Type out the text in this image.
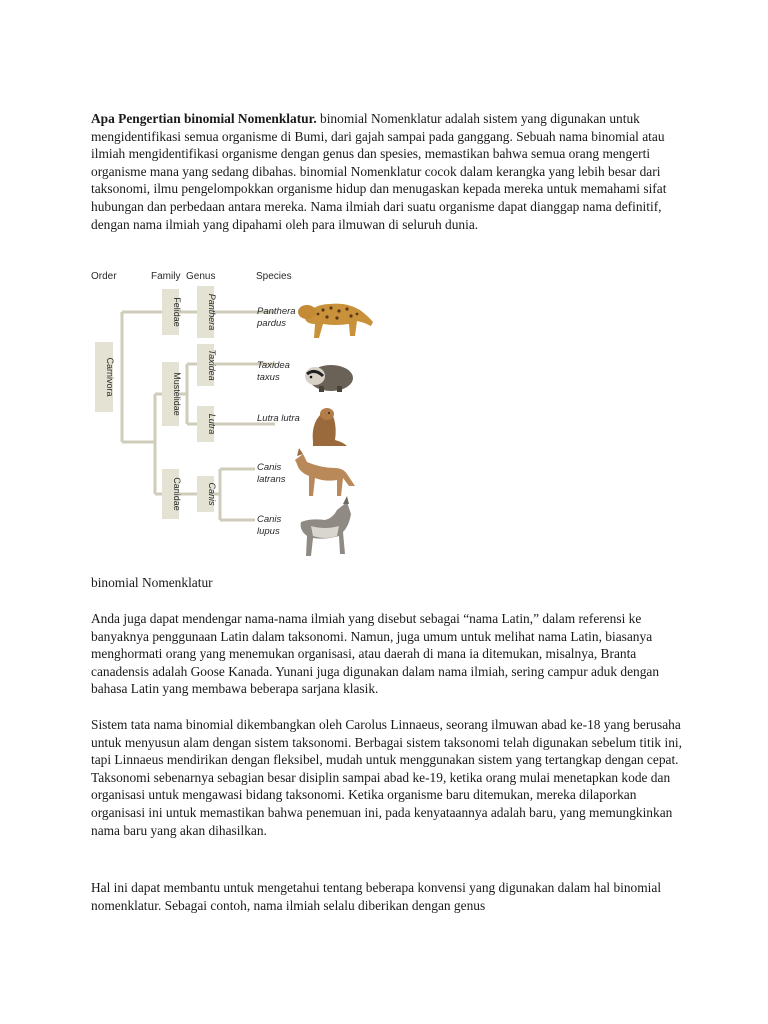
Apa Pengertian binomial Nomenklatur. binomial Nomenklatur adalah sistem yang digunakan untuk mengidentifikasi semua organisme di Bumi, dari gajah sampai pada ganggang. Sebuah nama binomial atau ilmiah mengidentifikasi organisme dengan genus dan spesies, memastikan bahwa semua orang mengerti organisme mana yang sedang dibahas. binomial Nomenklatur cocok dalam kerangka yang lebih besar dari taksonomi, ilmu pengelompokkan organisme hidup dan menugaskan kepada mereka untuk memahami sifat hubungan dan perbedaan antara mereka. Nama ilmiah dari suatu organisme dapat dianggap nama definitif, dengan nama ilmiah yang dipahami oleh para ilmuwan di seluruh dunia.

Order	Family Genus	Species
Carnivora
Felidae
Mustelidae
Canidae
Panthera
Taxidea
Lutra
Canis
Panthera
pardus
Taxidea
taxus
Lutra lutra
Canis
latrans
Canis
lupus

binomial Nomenklatur

Anda juga dapat mendengar nama-nama ilmiah yang disebut sebagai “nama Latin,” dalam referensi ke banyaknya penggunaan Latin dalam taksonomi. Namun, juga umum untuk melihat nama Latin, biasanya menghormati orang yang menemukan organisasi, atau daerah di mana ia ditemukan, misalnya, Branta canadensis adalah Goose Kanada. Yunani juga digunakan dalam nama ilmiah, sering campur aduk dengan bahasa Latin yang membawa beberapa sarjana klasik.

Sistem tata nama binomial dikembangkan oleh Carolus Linnaeus, seorang ilmuwan abad ke-18 yang berusaha untuk menyusun alam dengan sistem taksonomi. Berbagai sistem taksonomi telah digunakan sebelum titik ini, tapi Linnaeus mendirikan dengan fleksibel, mudah untuk menggunakan sistem yang tertangkap dengan cepat. Taksonomi sebenarnya sebagian besar disiplin sampai abad ke-19, ketika orang mulai menetapkan kode dan organisasi untuk mengawasi bidang taksonomi. Ketika organisme baru ditemukan, mereka dilaporkan organisasi ini untuk memastikan bahwa penemuan ini, pada kenyataannya adalah baru, yang memungkinkan nama baru yang akan dihasilkan.

Hal ini dapat membantu untuk mengetahui tentang beberapa konvensi yang digunakan dalam hal binomial nomenklatur. Sebagai contoh, nama ilmiah selalu diberikan dengan genus
